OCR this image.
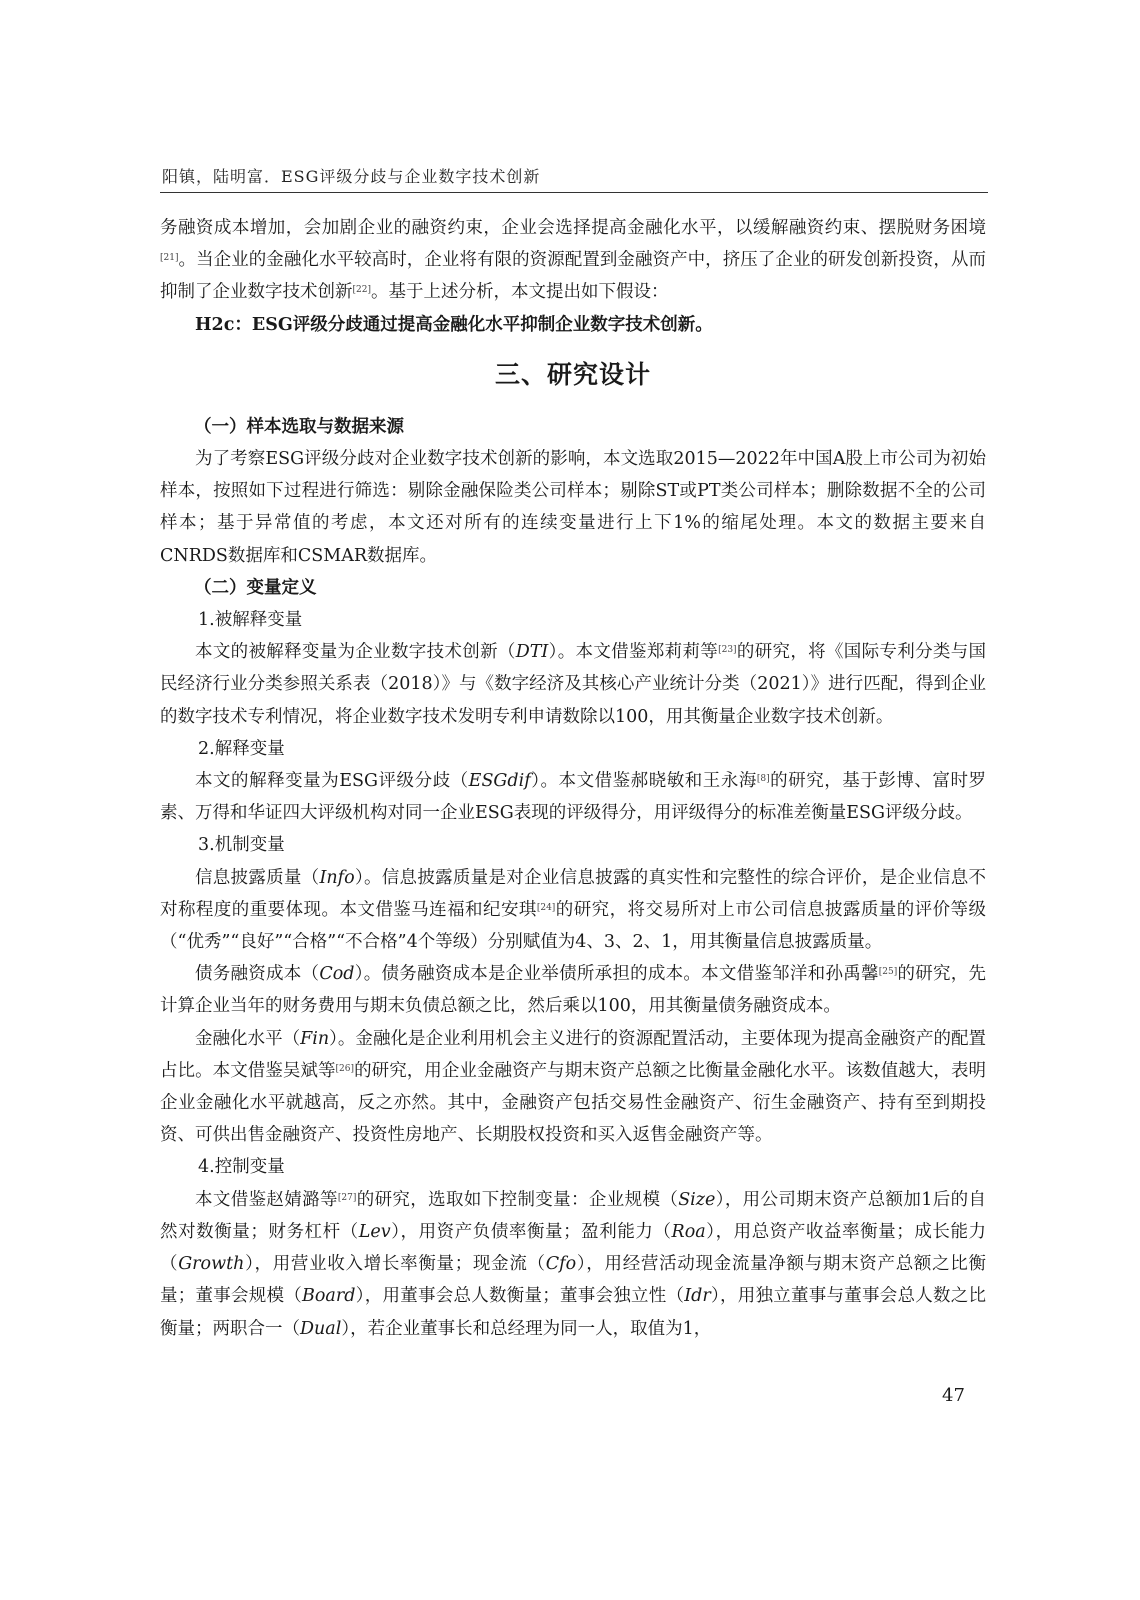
阳镇，陆明富．ESG评级分歧与企业数字技术创新

务融资成本增加，会加剧企业的融资约束，企业会选择提高金融化水平，以缓解融资约束、摆脱财务困境[21]。当企业的金融化水平较高时，企业将有限的资源配置到金融资产中，挤压了企业的研发创新投资，从而抑制了企业数字技术创新[22]。基于上述分析，本文提出如下假设：

H2c：ESG评级分歧通过提高金融化水平抑制企业数字技术创新。

三、研究设计

（一）样本选取与数据来源

为了考察ESG评级分歧对企业数字技术创新的影响，本文选取2015—2022年中国A股上市公司为初始样本，按照如下过程进行筛选：剔除金融保险类公司样本；剔除ST或PT类公司样本；删除数据不全的公司样本；基于异常值的考虑，本文还对所有的连续变量进行上下1%的缩尾处理。本文的数据主要来自CNRDS数据库和CSMAR数据库。

（二）变量定义

1.被解释变量

本文的被解释变量为企业数字技术创新（DTI）。本文借鉴郑莉莉等[23]的研究，将《国际专利分类与国民经济行业分类参照关系表（2018）》与《数字经济及其核心产业统计分类（2021）》进行匹配，得到企业的数字技术专利情况，将企业数字技术发明专利申请数除以100，用其衡量企业数字技术创新。

2.解释变量

本文的解释变量为ESG评级分歧（ESGdif）。本文借鉴郝晓敏和王永海[8]的研究，基于彭博、富时罗素、万得和华证四大评级机构对同一企业ESG表现的评级得分，用评级得分的标准差衡量ESG评级分歧。

3.机制变量

信息披露质量（Info）。信息披露质量是对企业信息披露的真实性和完整性的综合评价，是企业信息不对称程度的重要体现。本文借鉴马连福和纪安琪[24]的研究，将交易所对上市公司信息披露质量的评价等级（“优秀”“良好”“合格”“不合格”4个等级）分别赋值为4、3、2、1，用其衡量信息披露质量。

债务融资成本（Cod）。债务融资成本是企业举债所承担的成本。本文借鉴邹洋和孙禹馨[25]的研究，先计算企业当年的财务费用与期末负债总额之比，然后乘以100，用其衡量债务融资成本。

金融化水平（Fin）。金融化是企业利用机会主义进行的资源配置活动，主要体现为提高金融资产的配置占比。本文借鉴吴斌等[26]的研究，用企业金融资产与期末资产总额之比衡量金融化水平。该数值越大，表明企业金融化水平就越高，反之亦然。其中，金融资产包括交易性金融资产、衍生金融资产、持有至到期投资、可供出售金融资产、投资性房地产、长期股权投资和买入返售金融资产等。

4.控制变量

本文借鉴赵婧潞等[27]的研究，选取如下控制变量：企业规模（Size），用公司期末资产总额加1后的自然对数衡量；财务杠杆（Lev），用资产负债率衡量；盈利能力（Roa），用总资产收益率衡量；成长能力（Growth），用营业收入增长率衡量；现金流（Cfo），用经营活动现金流量净额与期末资产总额之比衡量；董事会规模（Board），用董事会总人数衡量；董事会独立性（Idr），用独立董事与董事会总人数之比衡量；两职合一（Dual），若企业董事长和总经理为同一人，取值为1，

47
